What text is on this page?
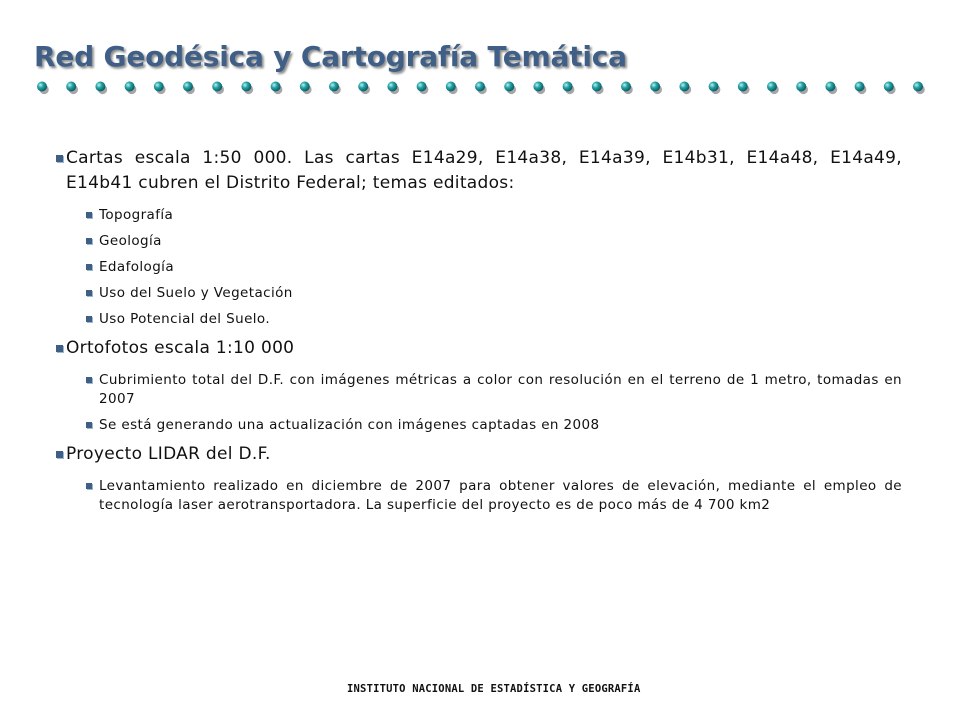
Red Geodésica y Cartografía Temática
Cartas escala 1:50 000. Las cartas E14a29, E14a38, E14a39, E14b31, E14a48, E14a49, E14b41 cubren el Distrito Federal; temas editados:
Topografía
Geología
Edafología
Uso del Suelo y Vegetación
Uso Potencial del Suelo.
Ortofotos escala 1:10 000
Cubrimiento total del D.F. con imágenes métricas a color con resolución en el terreno de 1 metro, tomadas en 2007
Se está generando una actualización con imágenes captadas en 2008
Proyecto LIDAR del D.F.
Levantamiento realizado en diciembre de 2007 para obtener valores de elevación, mediante el empleo de tecnología laser aerotransportadora. La superficie del proyecto es de poco más de 4 700 km2
INSTITUTO NACIONAL DE ESTADÍSTICA Y GEOGRAFÍA
